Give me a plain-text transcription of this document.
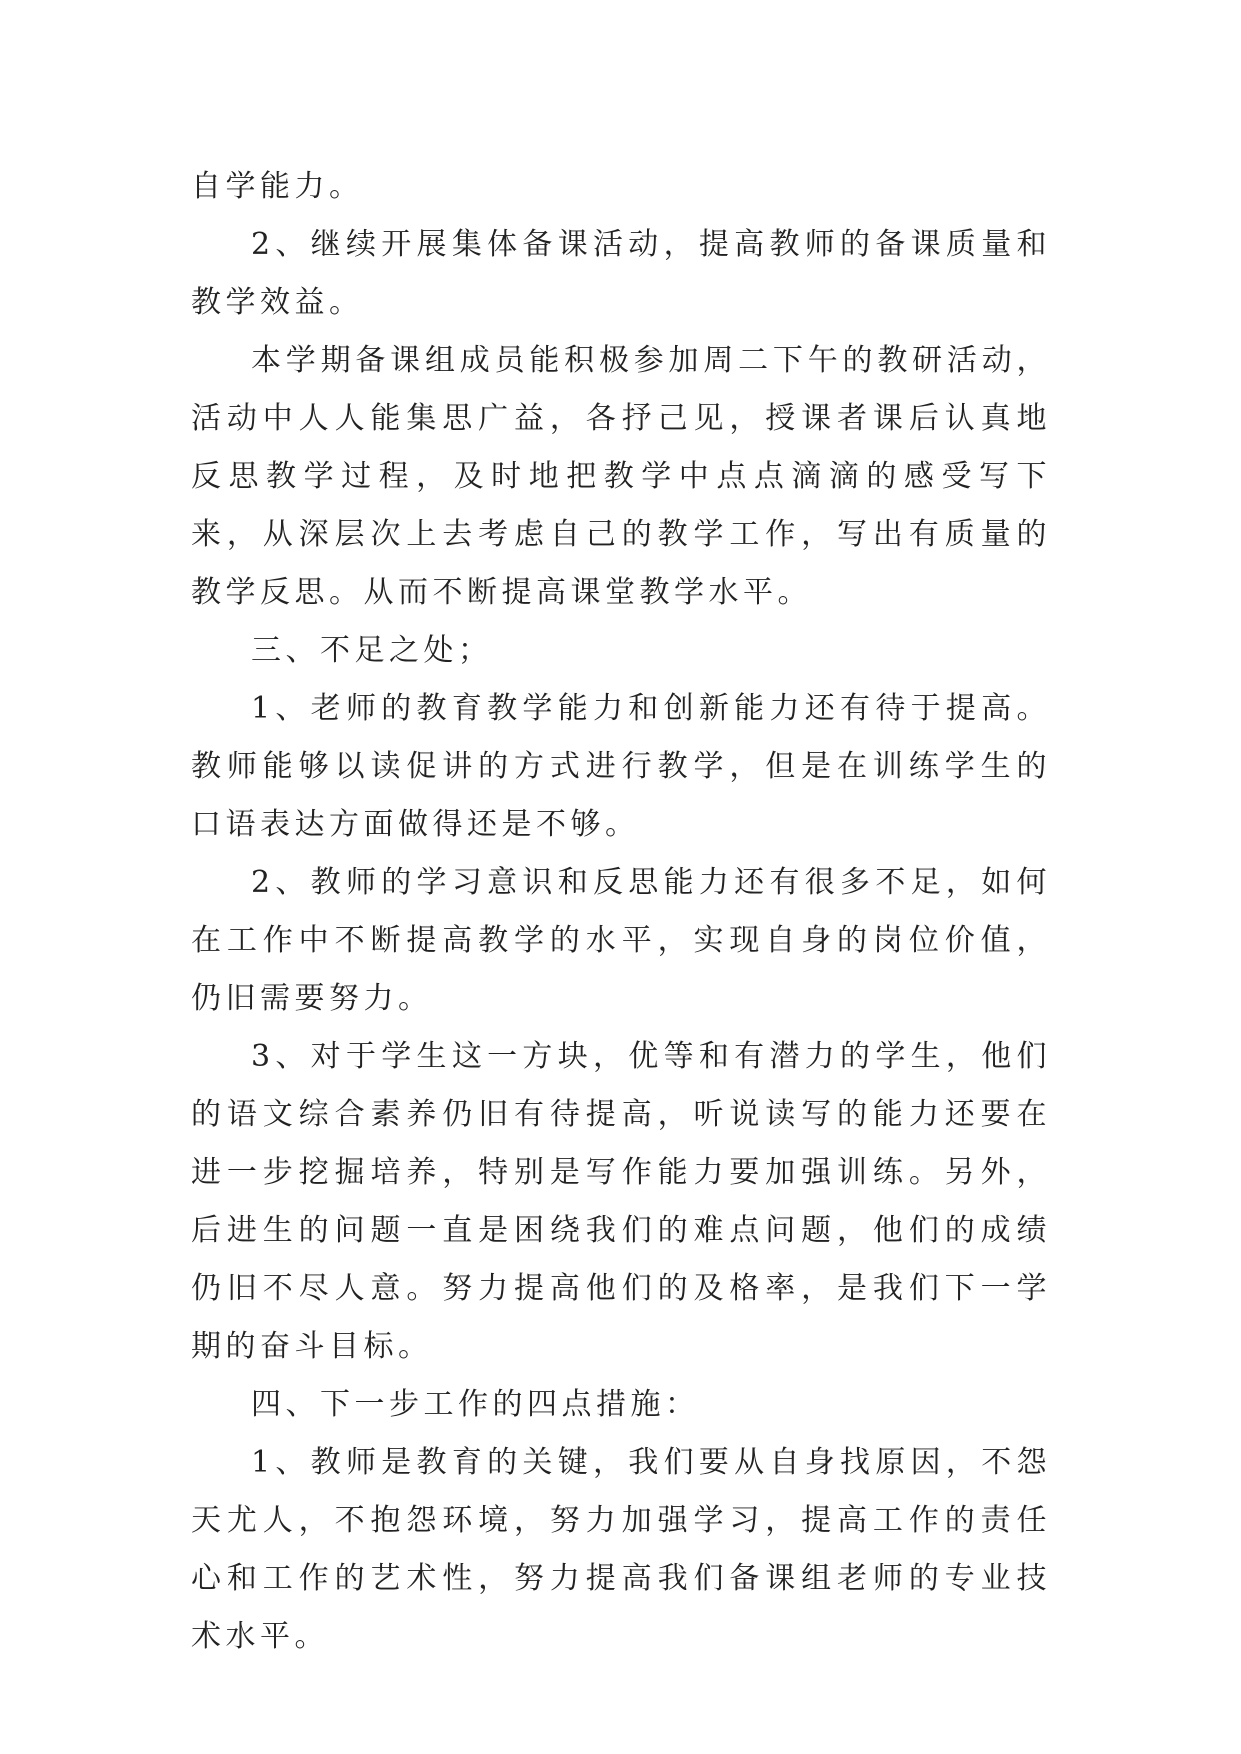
自学能力。

2、继续开展集体备课活动，提高教师的备课质量和教学效益。

本学期备课组成员能积极参加周二下午的教研活动，活动中人人能集思广益，各抒己见，授课者课后认真地反思教学过程，及时地把教学中点点滴滴的感受写下来，从深层次上去考虑自己的教学工作，写出有质量的教学反思。从而不断提高课堂教学水平。

三、不足之处；

1、老师的教育教学能力和创新能力还有待于提高。教师能够以读促讲的方式进行教学，但是在训练学生的口语表达方面做得还是不够。

2、教师的学习意识和反思能力还有很多不足，如何在工作中不断提高教学的水平，实现自身的岗位价值，仍旧需要努力。

3、对于学生这一方块，优等和有潜力的学生，他们的语文综合素养仍旧有待提高，听说读写的能力还要在进一步挖掘培养，特别是写作能力要加强训练。另外，后进生的问题一直是困绕我们的难点问题，他们的成绩仍旧不尽人意。努力提高他们的及格率，是我们下一学期的奋斗目标。

四、下一步工作的四点措施：

1、教师是教育的关键，我们要从自身找原因，不怨天尤人，不抱怨环境，努力加强学习，提高工作的责任心和工作的艺术性，努力提高我们备课组老师的专业技术水平。
